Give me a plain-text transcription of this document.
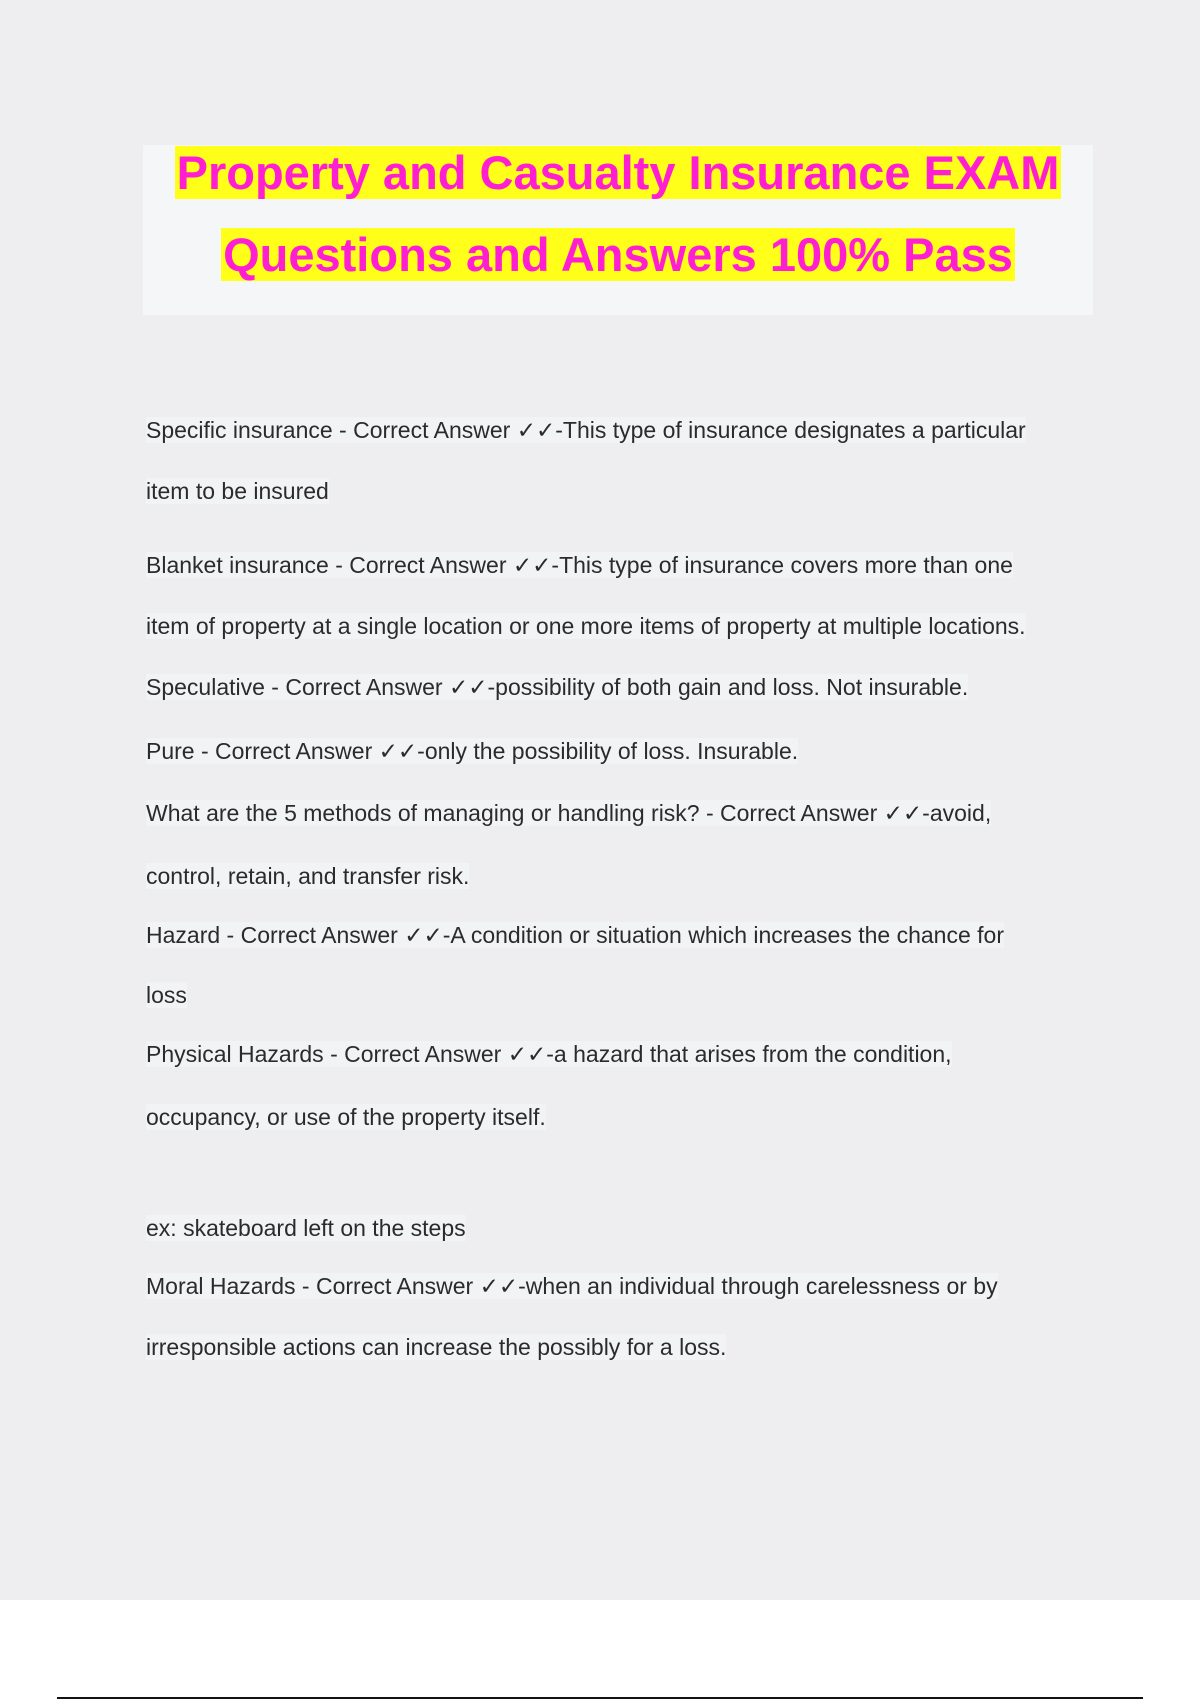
Property and Casualty Insurance EXAM
Questions and Answers 100% Pass
Specific insurance - Correct Answer ✓✓-This type of insurance designates a particular
item to be insured
Blanket insurance - Correct Answer ✓✓-This type of insurance covers more than one
item of property at a single location or one more items of property at multiple locations.
Speculative - Correct Answer ✓✓-possibility of both gain and loss. Not insurable.
Pure - Correct Answer ✓✓-only the possibility of loss. Insurable.
What are the 5 methods of managing or handling risk? - Correct Answer ✓✓-avoid,
control, retain, and transfer risk.
Hazard - Correct Answer ✓✓-A condition or situation which increases the chance for
loss
Physical Hazards - Correct Answer ✓✓-a hazard that arises from the condition,
occupancy, or use of the property itself.
ex: skateboard left on the steps
Moral Hazards - Correct Answer ✓✓-when an individual through carelessness or by
irresponsible actions can increase the possibly for a loss.
